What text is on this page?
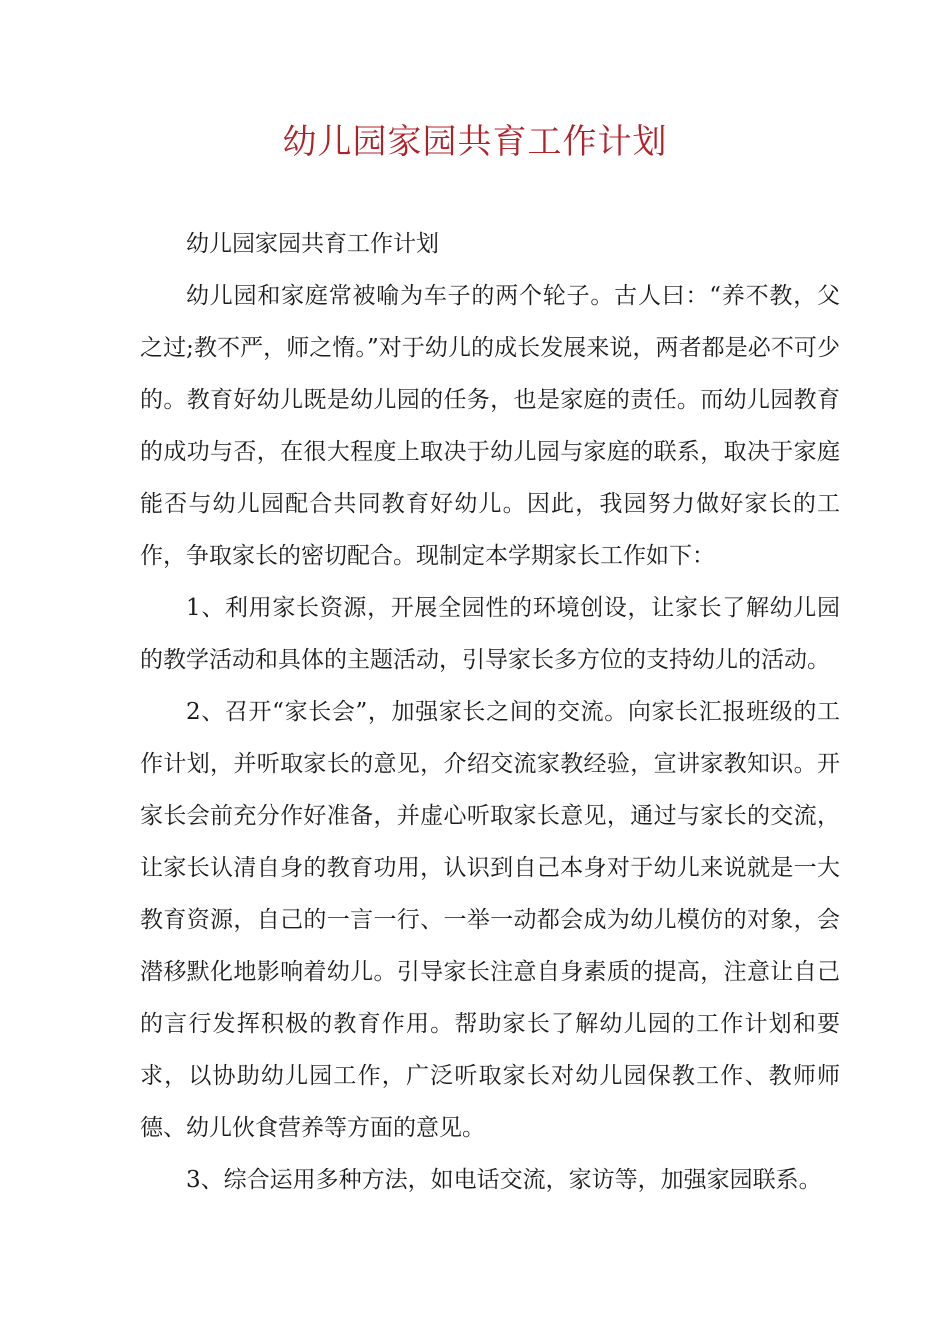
幼儿园家园共育工作计划

幼儿园家园共育工作计划

幼儿园和家庭常被喻为车子的两个轮子。古人曰：“养不教，父之过;教不严，师之惰。”对于幼儿的成长发展来说，两者都是必不可少的。教育好幼儿既是幼儿园的任务，也是家庭的责任。而幼儿园教育的成功与否，在很大程度上取决于幼儿园与家庭的联系，取决于家庭能否与幼儿园配合共同教育好幼儿。因此，我园努力做好家长的工作，争取家长的密切配合。现制定本学期家长工作如下：

1、利用家长资源，开展全园性的环境创设，让家长了解幼儿园的教学活动和具体的主题活动，引导家长多方位的支持幼儿的活动。

2、召开“家长会”，加强家长之间的交流。向家长汇报班级的工作计划，并听取家长的意见，介绍交流家教经验，宣讲家教知识。开家长会前充分作好准备，并虚心听取家长意见，通过与家长的交流，让家长认清自身的教育功用，认识到自己本身对于幼儿来说就是一大教育资源，自己的一言一行、一举一动都会成为幼儿模仿的对象，会潜移默化地影响着幼儿。引导家长注意自身素质的提高，注意让自己的言行发挥积极的教育作用。帮助家长了解幼儿园的工作计划和要求，以协助幼儿园工作，广泛听取家长对幼儿园保教工作、教师师德、幼儿伙食营养等方面的意见。

3、综合运用多种方法，如电话交流，家访等，加强家园联系。
